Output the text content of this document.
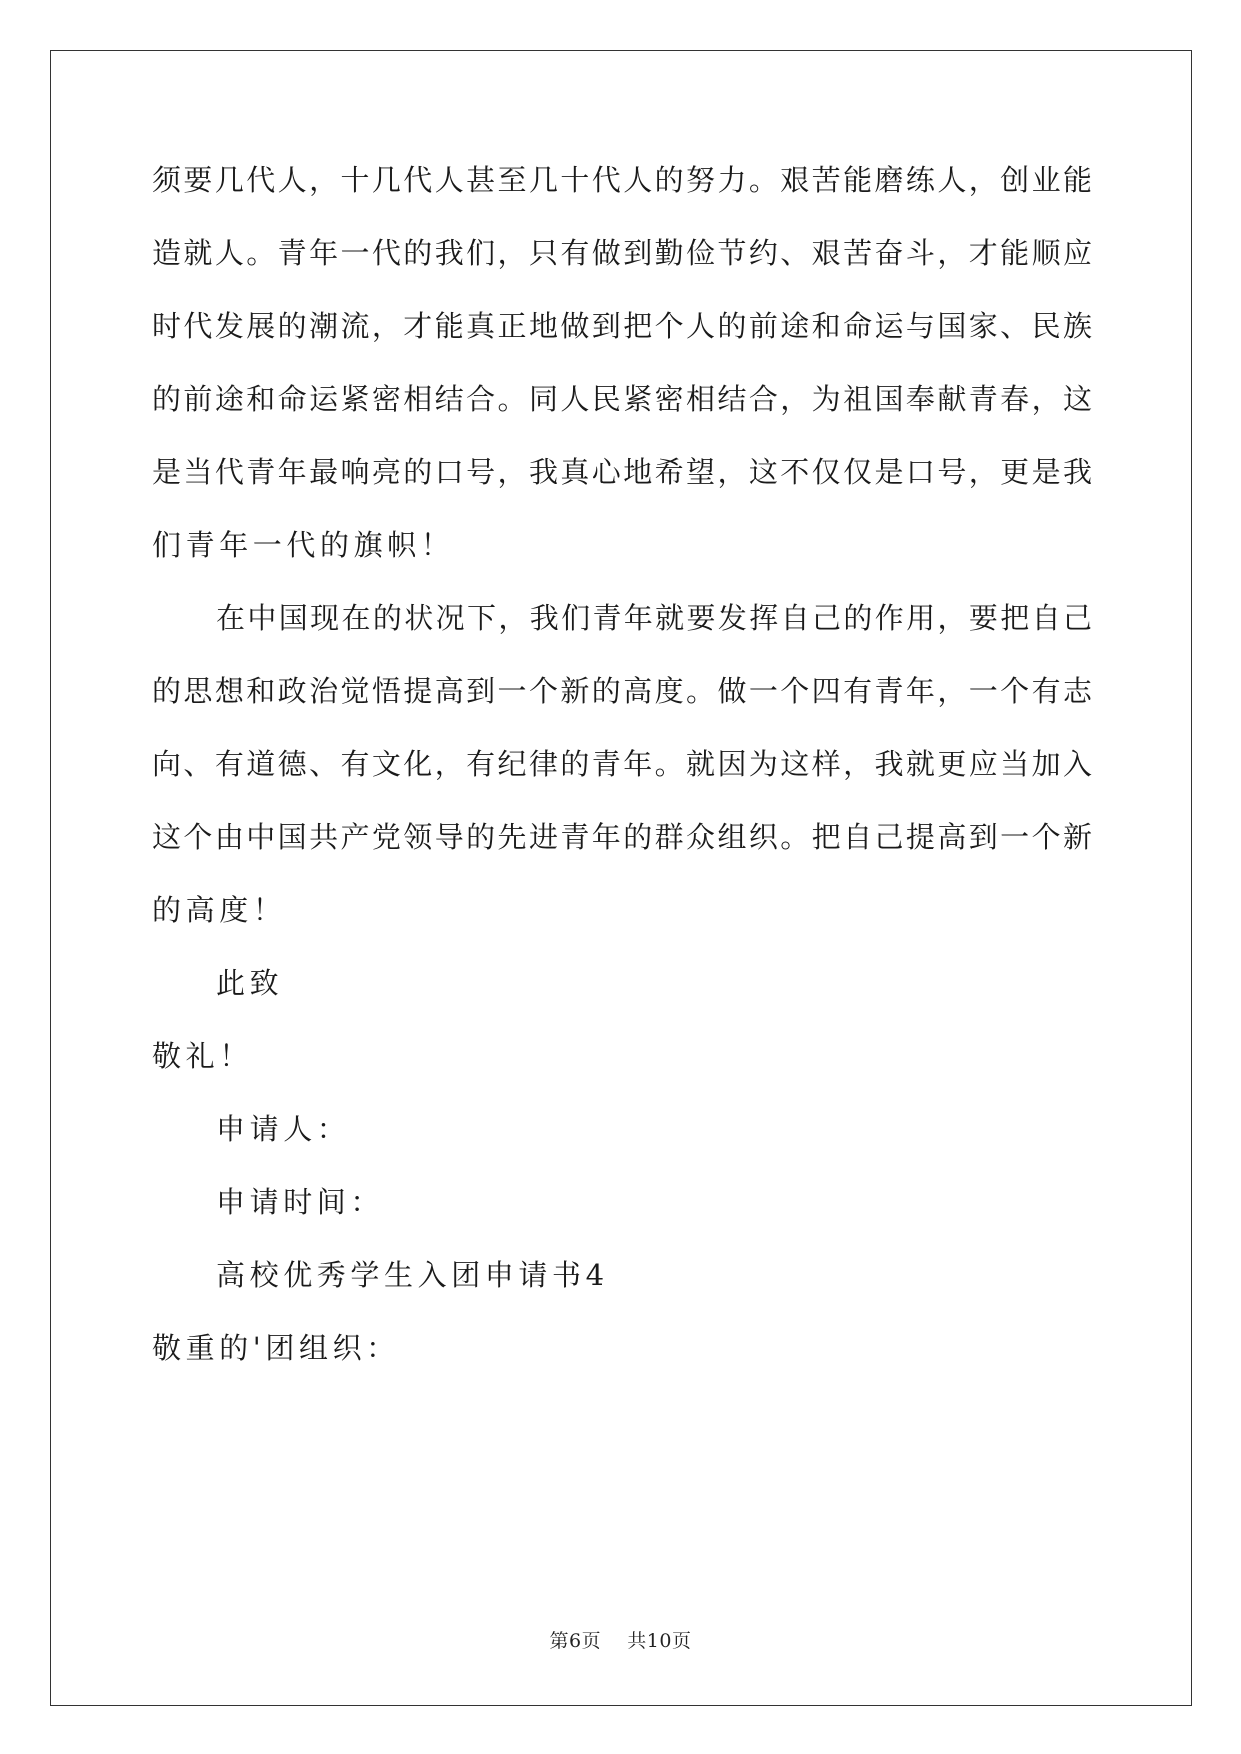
须要几代人，十几代人甚至几十代人的努力。艰苦能磨练人，创业能
造就人。青年一代的我们，只有做到勤俭节约、艰苦奋斗，才能顺应
时代发展的潮流，才能真正地做到把个人的前途和命运与国家、民族
的前途和命运紧密相结合。同人民紧密相结合，为祖国奉献青春，这
是当代青年最响亮的口号，我真心地希望，这不仅仅是口号，更是我
们青年一代的旗帜！
在中国现在的状况下，我们青年就要发挥自己的作用，要把自己
的思想和政治觉悟提高到一个新的高度。做一个四有青年，一个有志
向、有道德、有文化，有纪律的青年。就因为这样，我就更应当加入
这个由中国共产党领导的先进青年的群众组织。把自己提高到一个新
的高度！
此致
敬礼！
申请人：
申请时间：
高校优秀学生入团申请书4
敬重的'团组织：
第6页    共10页
